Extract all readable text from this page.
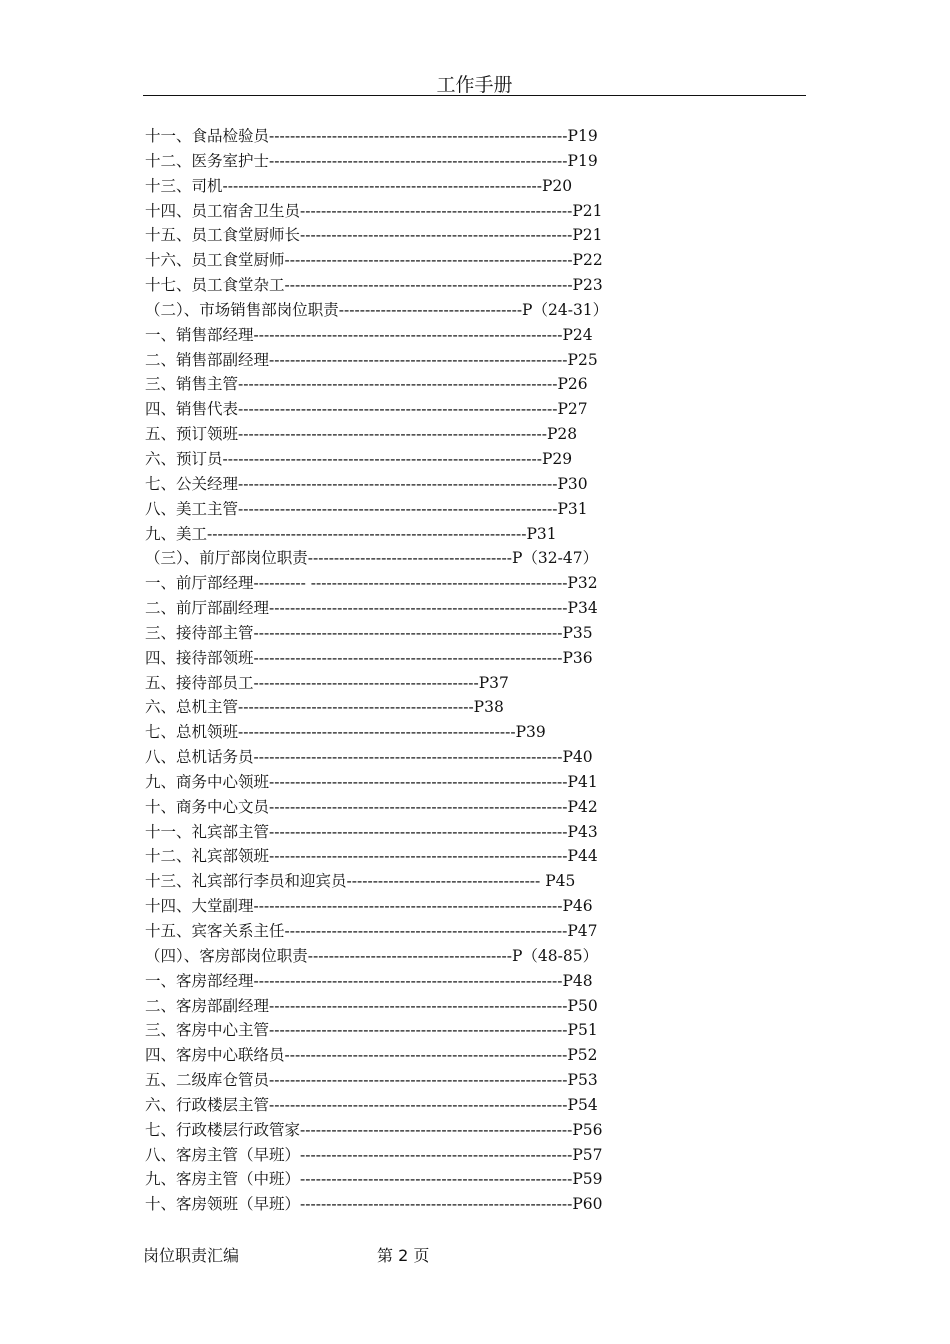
工作手册
十一、食品检验员---------------------------------------------------------P19
十二、医务室护士---------------------------------------------------------P19
十三、司机-------------------------------------------------------------P20
十四、员工宿舍卫生员----------------------------------------------------P21
十五、员工食堂厨师长----------------------------------------------------P21
十六、员工食堂厨师-------------------------------------------------------P22
十七、员工食堂杂工-------------------------------------------------------P23
（二）、市场销售部岗位职责-----------------------------------P（24-31）
一、销售部经理-----------------------------------------------------------P24
二、销售部副经理---------------------------------------------------------P25
三、销售主管-------------------------------------------------------------P26
四、销售代表-------------------------------------------------------------P27
五、预订领班-----------------------------------------------------------P28
六、预订员-------------------------------------------------------------P29
七、公关经理-------------------------------------------------------------P30
八、美工主管-------------------------------------------------------------P31
九、美工-------------------------------------------------------------P31
（三）、前厅部岗位职责---------------------------------------P（32-47）
一、前厅部经理---------- -------------------------------------------------P32
二、前厅部副经理---------------------------------------------------------P34
三、接待部主管-----------------------------------------------------------P35
四、接待部领班-----------------------------------------------------------P36
五、接待部员工-------------------------------------------P37
六、总机主管---------------------------------------------P38
七、总机领班-----------------------------------------------------P39
八、总机话务员-----------------------------------------------------------P40
九、商务中心领班---------------------------------------------------------P41
十、商务中心文员---------------------------------------------------------P42
十一、礼宾部主管---------------------------------------------------------P43
十二、礼宾部领班---------------------------------------------------------P44
十三、礼宾部行李员和迎宾员------------------------------------- P45
十四、大堂副理-----------------------------------------------------------P46
十五、宾客关系主任------------------------------------------------------P47
（四）、客房部岗位职责---------------------------------------P（48-85）
一、客房部经理-----------------------------------------------------------P48
二、客房部副经理---------------------------------------------------------P50
三、客房中心主管---------------------------------------------------------P51
四、客房中心联络员------------------------------------------------------P52
五、二级库仓管员---------------------------------------------------------P53
六、行政楼层主管---------------------------------------------------------P54
七、行政楼层行政管家----------------------------------------------------P56
八、客房主管（早班）----------------------------------------------------P57
九、客房主管（中班）----------------------------------------------------P59
十、客房领班（早班）----------------------------------------------------P60
岗位职责汇编	第 2 页
